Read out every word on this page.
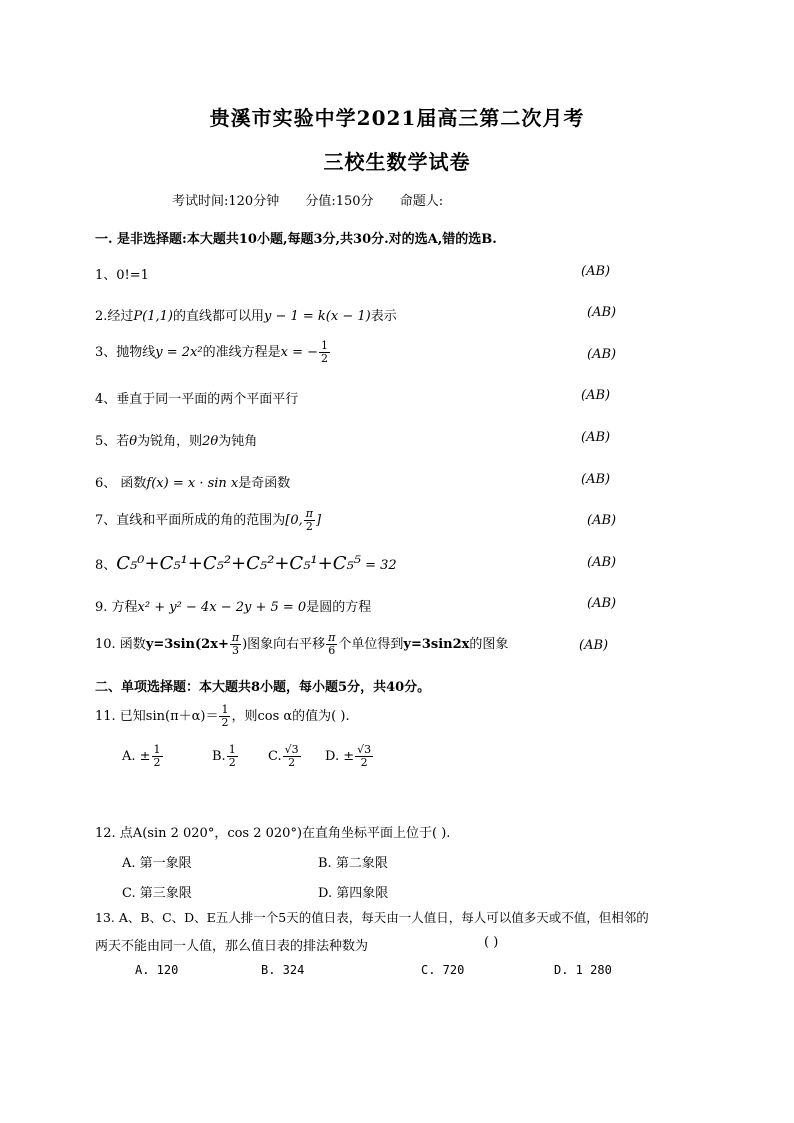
贵溪市实验中学2021届高三第二次月考
三校生数学试卷
考试时间:120分钟 分值:150分 命题人:
一. 是非选择题:本大题共10小题,每题3分,共30分.对的选A,错的选B.
1、0!=1	(AB)
2.经过P(1,1)的直线都可以用y − 1 = k(x − 1)表示	(AB)
3、抛物线y = 2x²的准线方程是x = − $\frac{1}{2}$	(AB)
4、垂直于同一平面的两个平面平行	(AB)
5、若θ为锐角，则2θ为钝角	(AB)
6、 函数f(x) = x · sin x是奇函数	(AB)
7、直线和平面所成的角的范围为[0, $\frac{\pi}{2}$ ]	(AB)
8、C₅⁰+C₅¹+C₅²+C₅²+C₅¹+C₅⁵ = 32	(AB)
9. 方程x² + y² − 4x − 2y + 5 = 0是圆的方程	(AB)
10. 函数$y=3\sin(2x+ \frac{\pi}{3}$ )图象向右平移 $\frac{\pi}{6}$ 个单位得到y=3sin2x的图象	(AB)
二、单项选择题：本大题共8小题，每小题5分，共40分。
11. 已知$\sin(\pi+\alpha)= \frac{1}{2}$ ，则cos α的值为( ).
A. ± $\frac{1}{2}$	B. $\frac{1}{2} C$. $\frac{√3}{2} D$. ± $\frac{√3}{2}$
12. 点A(sin 2 020°，cos 2 020°)在直角坐标平面上位于( ).
A. 第一象限	B. 第二象限
C. 第三象限	D. 第四象限
13. A、B、C、D、E五人排一个5天的值日表，每天由一人值日，每人可以值多天或不值，但相邻的
两天不能由同一人值，那么值日表的排法种数为	( )
A. 120	B. 324	C. 720	D. 1 280
